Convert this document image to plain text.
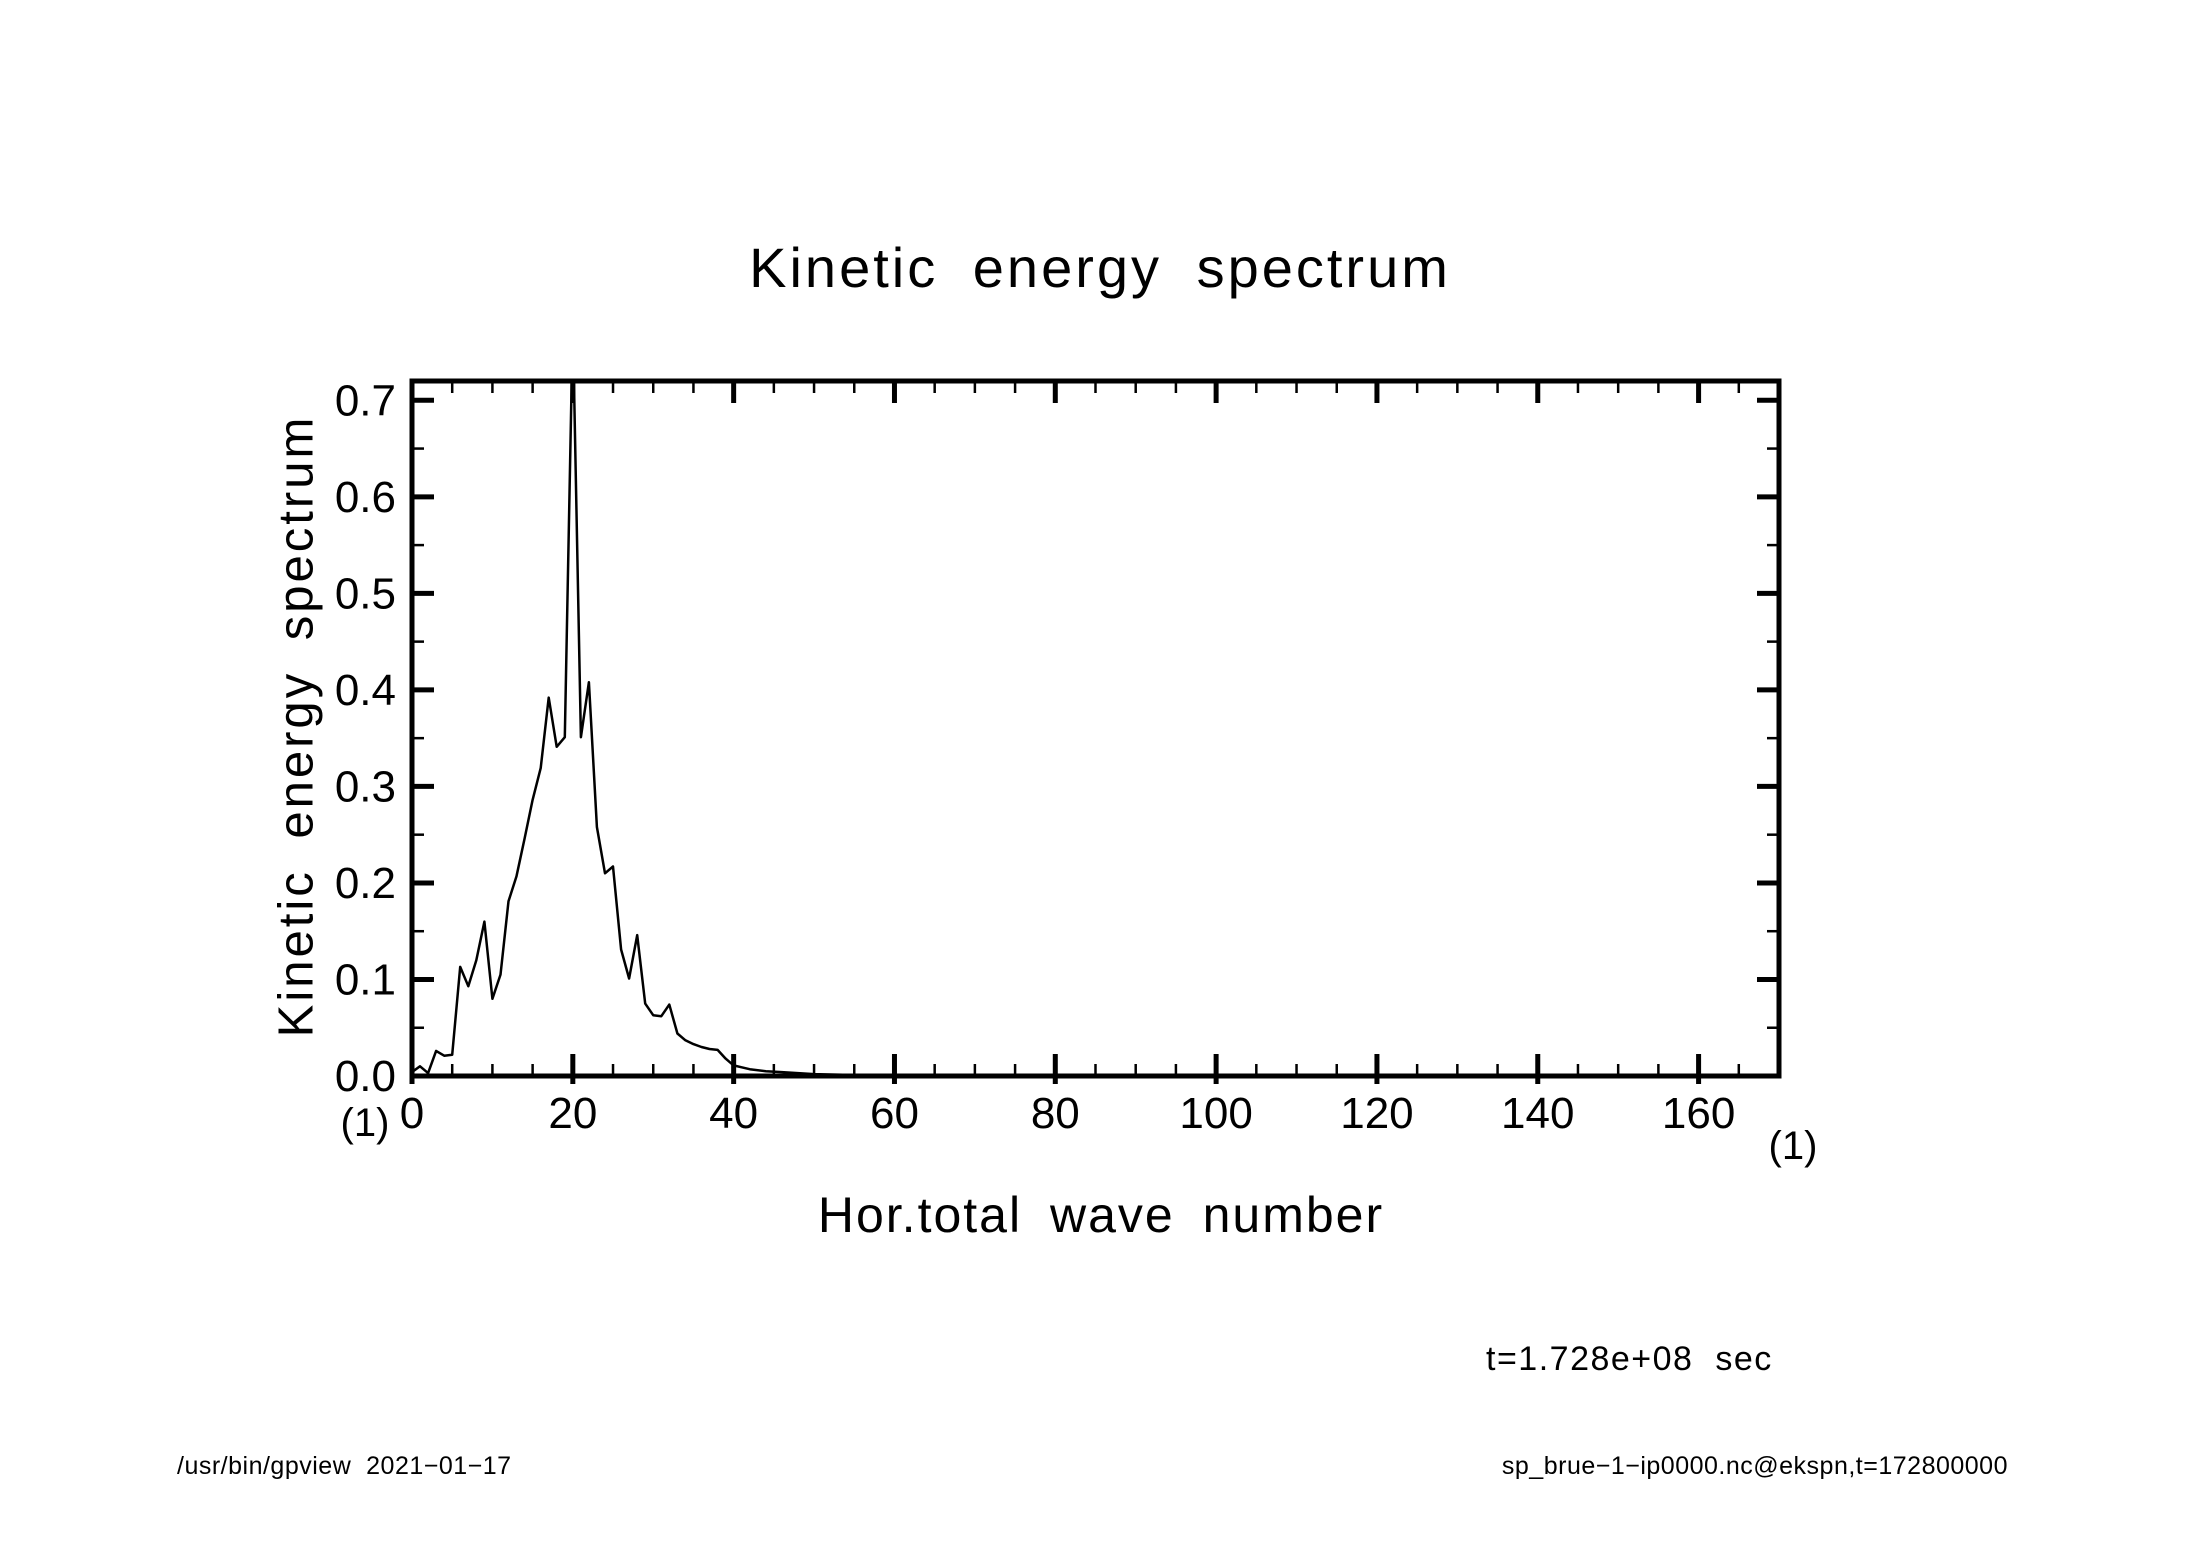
Kinetic energy spectrum
Kinetic energy spectrum
0	20	40	60	80 100 120 140 160
0.0
0.1
0.2
0.3
0.4
0.5
0.6
0.7
(1)
(1)
Hor.total wave number
t=1.728e+08  sec
/usr/bin/gpview  2021−01−17	sp_brue−1−ip0000.nc@ekspn,t=172800000
